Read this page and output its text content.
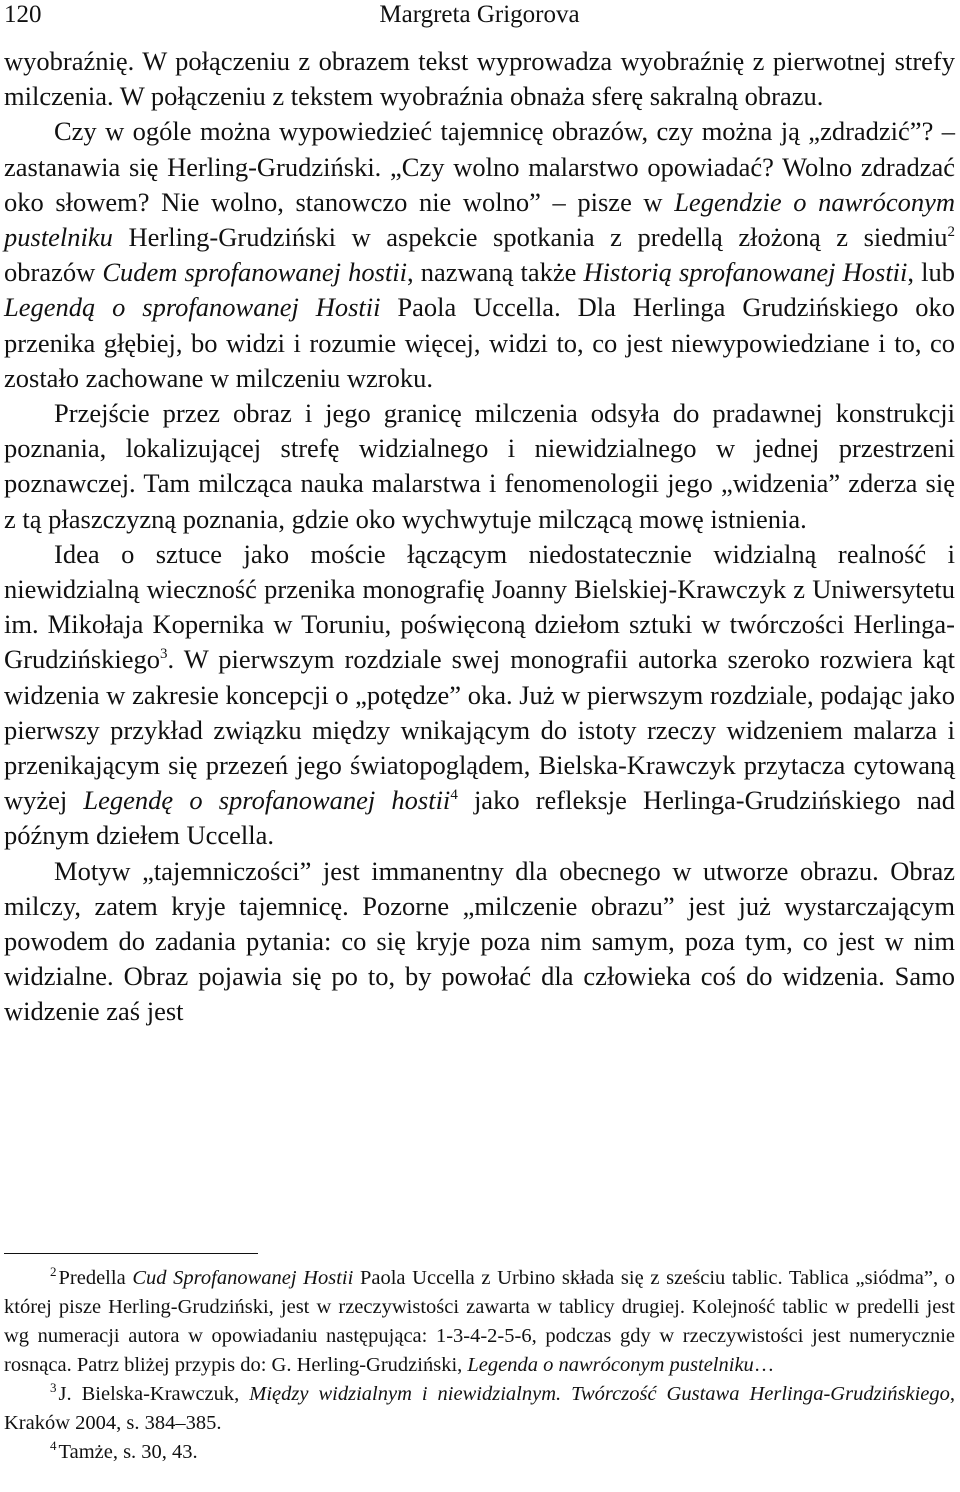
120	Margreta Grigorova

wyobraźnię. W połączeniu z obrazem tekst wyprowadza wyobraźnię z pierwotnej strefy milczenia. W połączeniu z tekstem wyobraźnia obnaża sferę sakralną obrazu.

Czy w ogóle można wypowiedzieć tajemnicę obrazów, czy można ją „zdradzić”? – zastanawia się Herling-Grudziński. „Czy wolno malarstwo opowiadać? Wolno zdradzać oko słowem? Nie wolno, stanowczo nie wolno” – pisze w Legendzie o nawróconym pustelniku Herling-Grudziński w aspekcie spotkania z predellą złożoną z siedmiu$^2$ obrazów Cudem sprofanowanej hostii, nazwaną także Historią sprofanowanej Hostii, lub Legendą o sprofanowanej Hostii Paola Uccella. Dla Herlinga Grudzińskiego oko przenika głębiej, bo widzi i rozumie więcej, widzi to, co jest niewypowiedziane i to, co zostało zachowane w milczeniu wzroku.

Przejście przez obraz i jego granicę milczenia odsyła do pradawnej konstrukcji poznania, lokalizującej strefę widzialnego i niewidzialnego w jednej przestrzeni poznawczej. Tam milcząca nauka malarstwa i fenomenologii jego „widzenia” zderza się z tą płaszczyzną poznania, gdzie oko wychwytuje milczącą mowę istnienia.

Idea o sztuce jako moście łączącym niedostatecznie widzialną realność i niewidzialną wieczność przenika monografię Joanny Bielskiej-Krawczyk z Uniwersytetu im. Mikołaja Kopernika w Toruniu, poświęconą dziełom sztuki w twórczości Herlinga-Grudzińskiego$^3$. W pierwszym rozdziale swej monografii autorka szeroko rozwiera kąt widzenia w zakresie koncepcji o „potędze” oka. Już w pierwszym rozdziale, podając jako pierwszy przykład związku między wnikającym do istoty rzeczy widzeniem malarza i przenikającym się przezeń jego światopoglądem, Bielska-Krawczyk przytacza cytowaną wyżej Legendę o sprofanowanej hostii$^4$ jako refleksje Herlinga-Grudzińskiego nad późnym dziełem Uccella.

Motyw „tajemniczości” jest immanentny dla obecnego w utworze obrazu. Obraz milczy, zatem kryje tajemnicę. Pozorne „milczenie obrazu” jest już wystarczającym powodem do zadania pytania: co się kryje poza nim samym, poza tym, co jest w nim widzialne. Obraz pojawia się po to, by powołać dla człowieka coś do widzenia. Samo widzenie zaś jest

$^2$Predella Cud Sprofanowanej Hostii Paola Uccella z Urbino składa się z sześciu tablic. Tablica „siódma”, o której pisze Herling-Grudziński, jest w rzeczywistości zawarta w tablicy drugiej. Kolejność tablic w predelli jest wg numeracji autora w opowiadaniu następująca: 1-3-4-2-5-6, podczas gdy w rzeczywistości jest numerycznie rosnąca. Patrz bliżej przypis do: G. Herling-Grudziński, Legenda o nawróconym pustelniku…

$^3$J. Bielska-Krawczuk, Między widzialnym i niewidzialnym. Twórczość Gustawa Herlinga-Grudzińskiego, Kraków 2004, s. 384–385.

$^4$Tamże, s. 30, 43.
